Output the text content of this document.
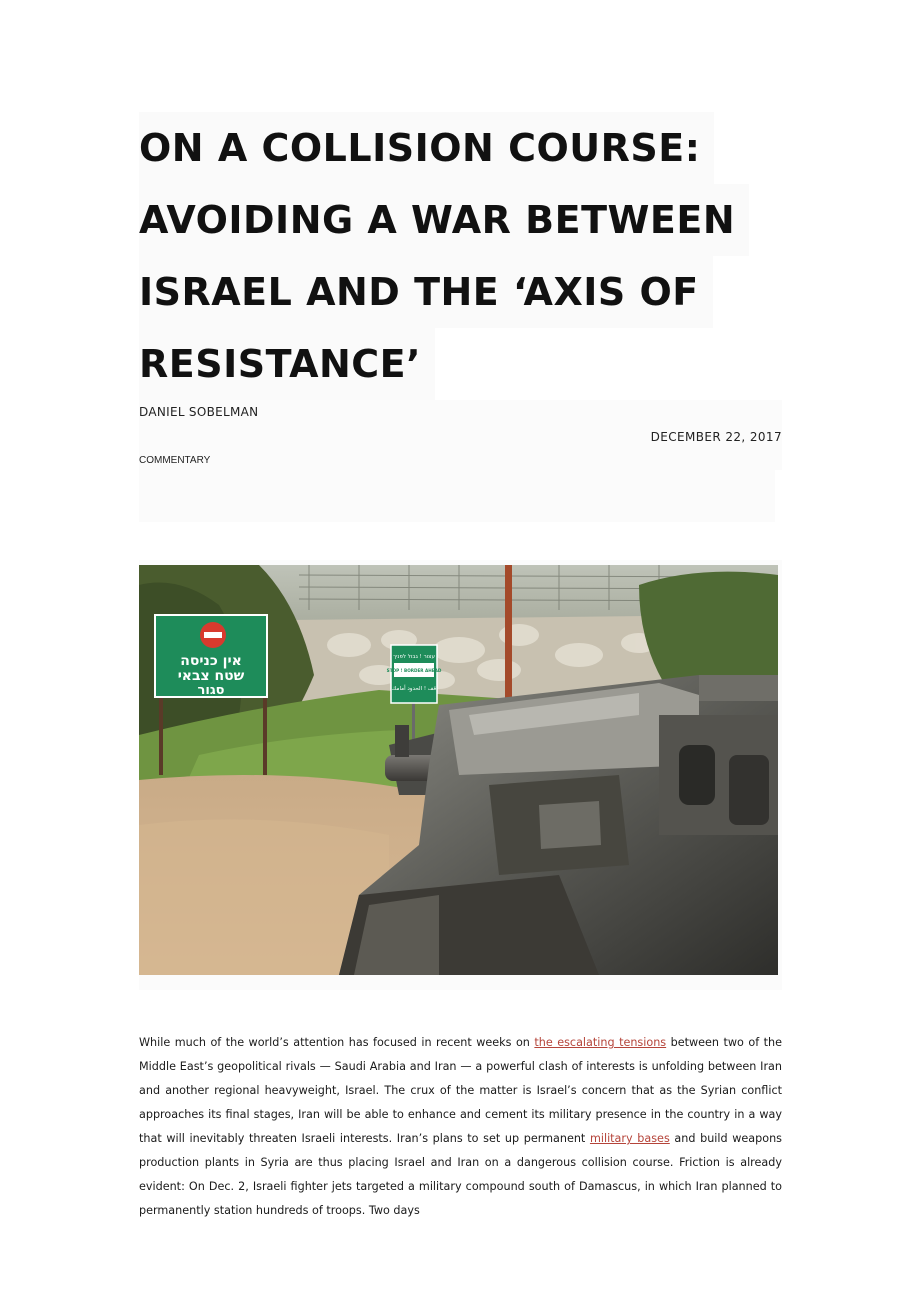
ON A COLLISION COURSE:
AVOIDING A WAR BETWEEN
ISRAEL AND THE ‘AXIS OF
RESISTANCE’
DANIEL SOBELMAN
DECEMBER 22, 2017
COMMENTARY
אין כניסה
שטח צבאי
סגור
עצור ! גבול לפניך
STOP ! BORDER AHEAD
قف ! الحدود أمامك

While much of the world’s attention has focused in recent weeks on the escalating tensions between two of the Middle East’s geopolitical rivals — Saudi Arabia and Iran — a powerful clash of interests is unfolding between Iran and another regional heavyweight, Israel. The crux of the matter is Israel’s concern that as the Syrian conflict approaches its final stages, Iran will be able to enhance and cement its military presence in the country in a way that will inevitably threaten Israeli interests. Iran’s plans to set up permanent military bases and build weapons production plants in Syria are thus placing Israel and Iran on a dangerous collision course. Friction is already evident: On Dec. 2, Israeli fighter jets targeted a military compound south of Damascus, in which Iran planned to permanently station hundreds of troops. Two days
